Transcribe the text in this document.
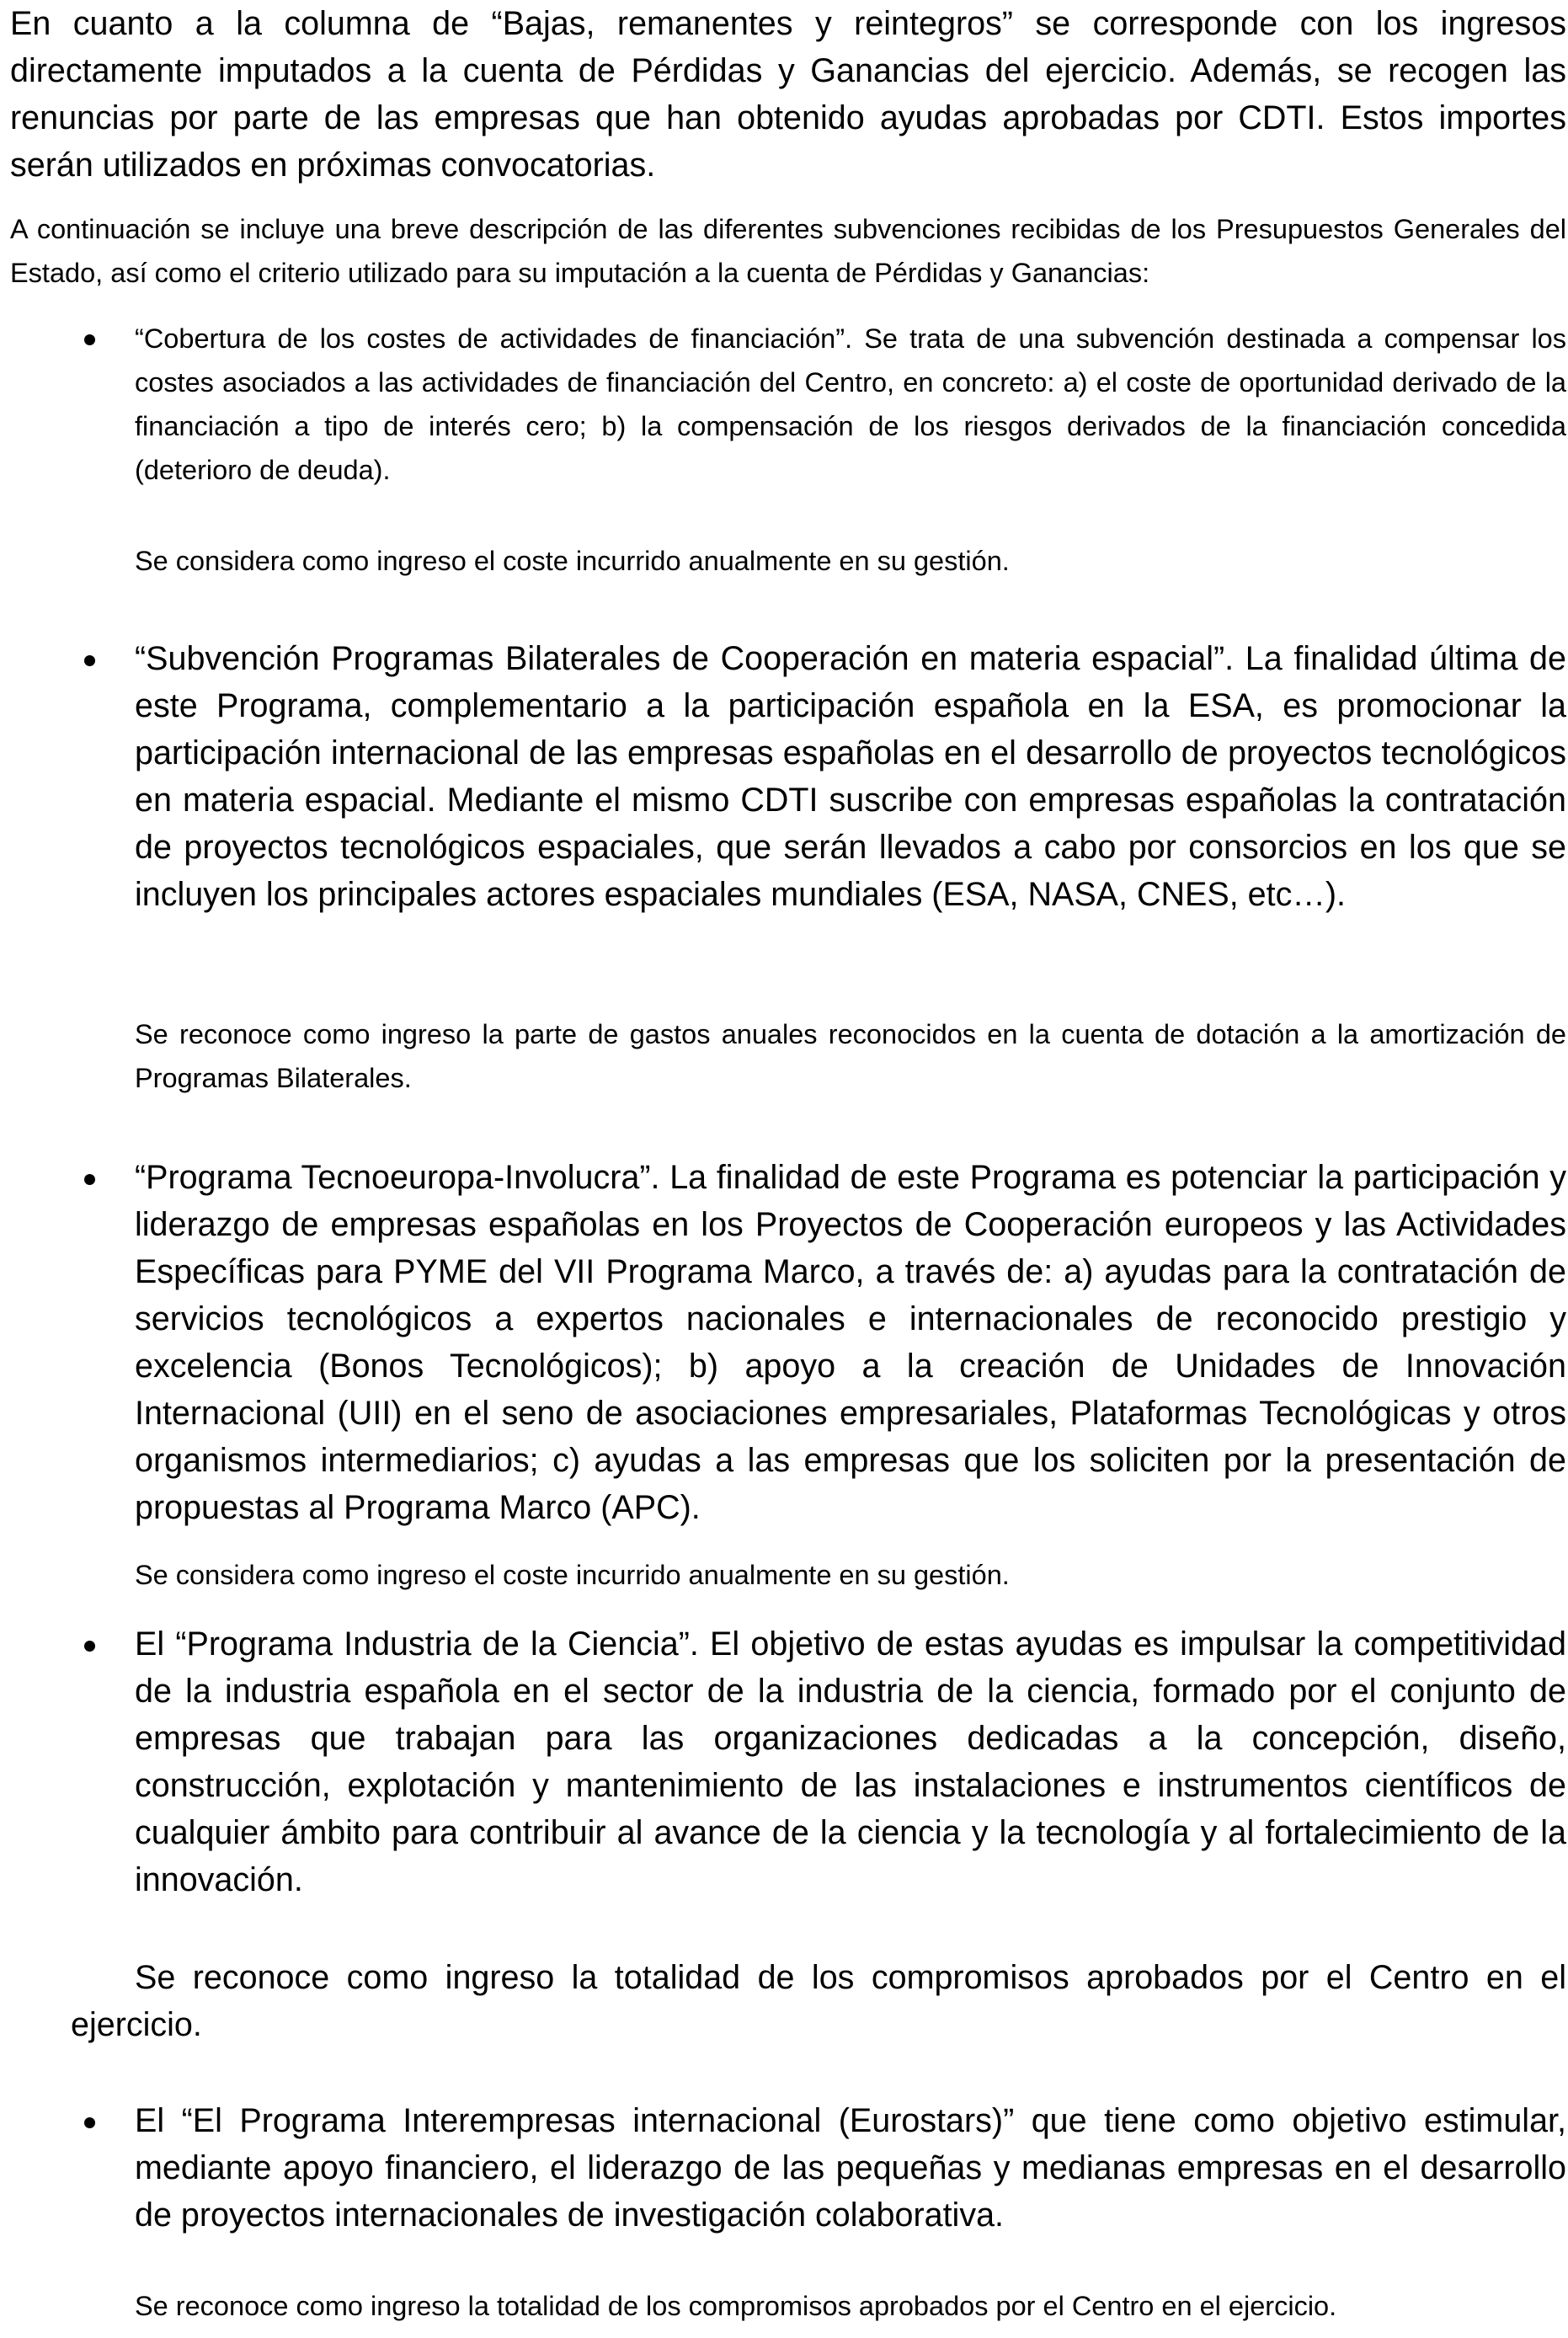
En cuanto a la columna de “Bajas, remanentes y reintegros” se corresponde con los ingresos directamente imputados a la cuenta de Pérdidas y Ganancias del ejercicio. Además, se recogen las renuncias por parte de las empresas que han obtenido ayudas aprobadas por CDTI. Estos importes serán utilizados en próximas convocatorias.

A continuación se incluye una breve descripción de las diferentes subvenciones recibidas de los Presupuestos Generales del Estado, así como el criterio utilizado para su imputación a la cuenta de Pérdidas y Ganancias:

“Cobertura de los costes de actividades de financiación”. Se trata de una subvención destinada a compensar los costes asociados a las actividades de financiación del Centro, en concreto: a) el coste de oportunidad derivado de la financiación a tipo de interés cero; b) la compensación de los riesgos derivados de la financiación concedida (deterioro de deuda).

Se considera como ingreso el coste incurrido anualmente en su gestión.

“Subvención Programas Bilaterales de Cooperación en materia espacial”. La finalidad última de este Programa, complementario a la participación española en la ESA, es promocionar la participación internacional de las empresas españolas en el desarrollo de proyectos tecnológicos en materia espacial. Mediante el mismo CDTI suscribe con empresas españolas la contratación de proyectos tecnológicos espaciales, que serán llevados a cabo por consorcios en los que se incluyen los principales actores espaciales mundiales (ESA, NASA, CNES, etc…).

Se reconoce como ingreso la parte de gastos anuales reconocidos en la cuenta de dotación a la amortización de Programas Bilaterales.

“Programa Tecnoeuropa-Involucra”. La finalidad de este Programa es potenciar la participación y liderazgo de empresas españolas en los Proyectos de Cooperación europeos y las Actividades Específicas para PYME del VII Programa Marco, a través de: a) ayudas para la contratación de servicios tecnológicos a expertos nacionales e internacionales de reconocido prestigio y excelencia (Bonos Tecnológicos); b) apoyo a la creación de Unidades de Innovación Internacional (UII) en el seno de asociaciones empresariales, Plataformas Tecnológicas y otros organismos intermediarios; c) ayudas a las empresas que los soliciten por la presentación de propuestas al Programa Marco (APC).

Se considera como ingreso el coste incurrido anualmente en su gestión.

El “Programa Industria de la Ciencia”. El objetivo de estas ayudas es impulsar la competitividad de la industria española en el sector de la industria de la ciencia, formado por el conjunto de empresas que trabajan para las organizaciones dedicadas a la concepción, diseño, construcción, explotación y mantenimiento de las instalaciones e instrumentos científicos de cualquier ámbito para contribuir al avance de la ciencia y la tecnología y al fortalecimiento de la innovación.

Se reconoce como ingreso la totalidad de los compromisos aprobados por el Centro en el ejercicio.

El “El Programa Interempresas internacional (Eurostars)” que tiene como objetivo estimular, mediante apoyo financiero, el liderazgo de las pequeñas y medianas empresas en el desarrollo de proyectos internacionales de investigación colaborativa.

Se reconoce como ingreso la totalidad de los compromisos aprobados por el Centro en el ejercicio.
